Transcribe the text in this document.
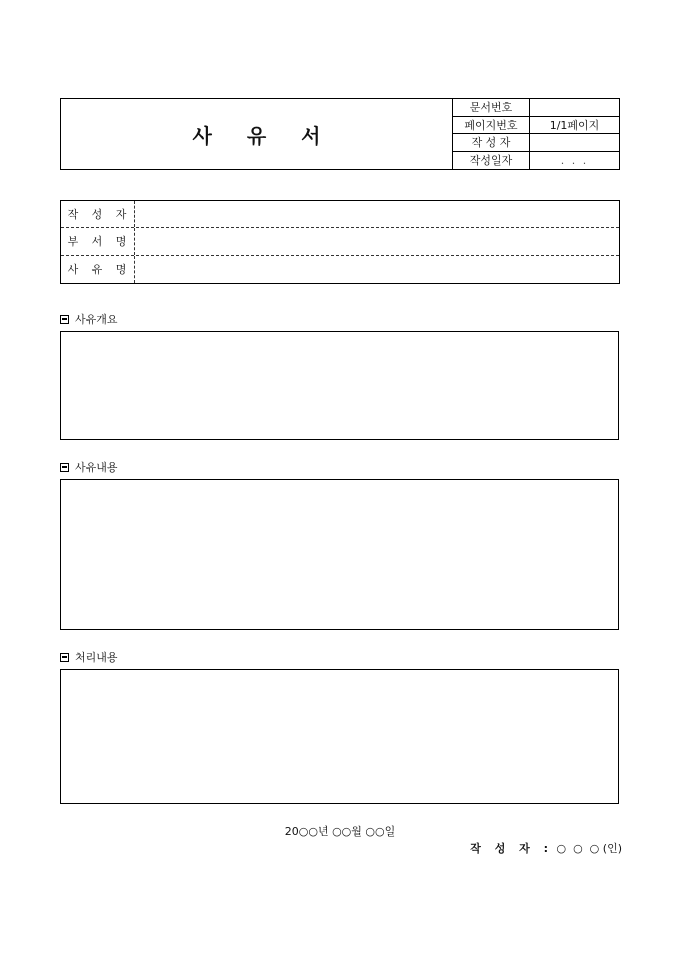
사 유 서
문서번호
페이지번호	1/1페이지
작 성 자
작성일자	. . .
작 성 자
부 서 명
사 유 명
사유개요
사유내용
처리내용
20○○년 ○○월 ○○일
작 성 자 : ○  ○  ○ (인)
